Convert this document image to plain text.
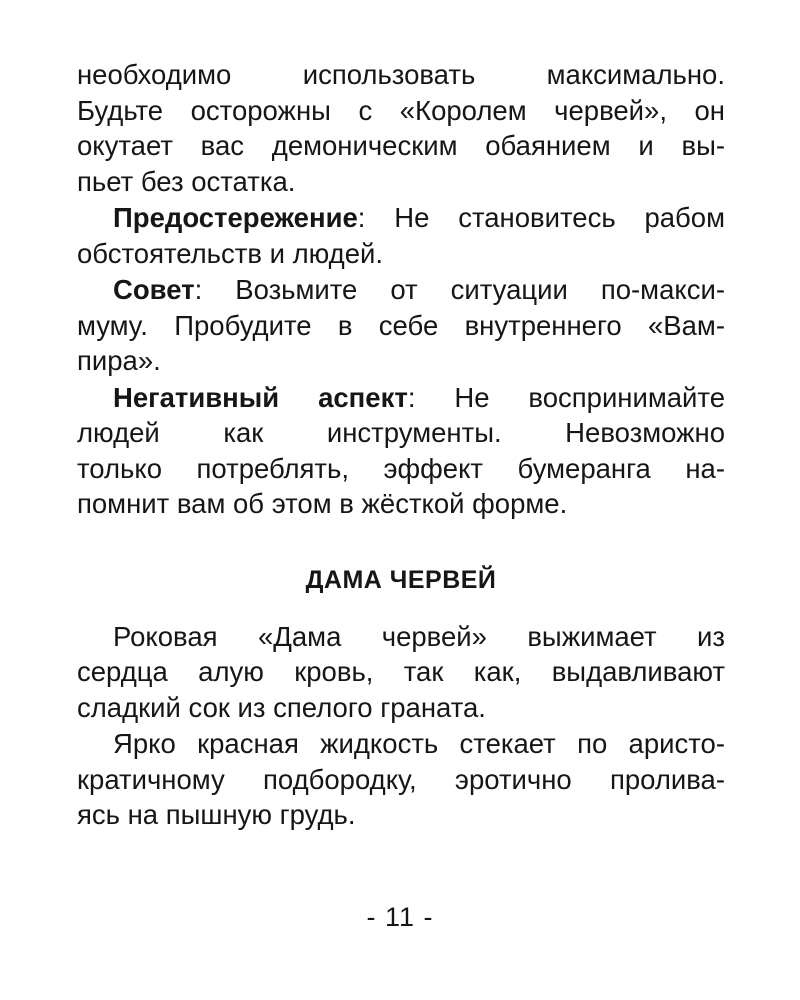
необходимо использовать максимально.
Будьте осторожны с «Королем червей», он
окутает вас демоническим обаянием и вы-
пьет без остатка.
Предостережение: Не становитесь рабом
обстоятельств и людей.
Совет: Возьмите от ситуации по-макси-
мумy. Пробудите в себе внутреннего «Вам-
пира».
Негативный аспект: Не воспринимайте
людей как инструменты. Невозможно
только потреблять, эффект бумеранга на-
помнит вам об этом в жёсткой форме.
ДАМА ЧЕРВЕЙ
Роковая «Дама червей» выжимает из
сердца алую кровь, так как, выдавливают
сладкий сок из спелого граната.
Ярко красная жидкость стекает по аристо-
кратичному подбородку, эротично пролива-
ясь на пышную грудь.
- 11 -
